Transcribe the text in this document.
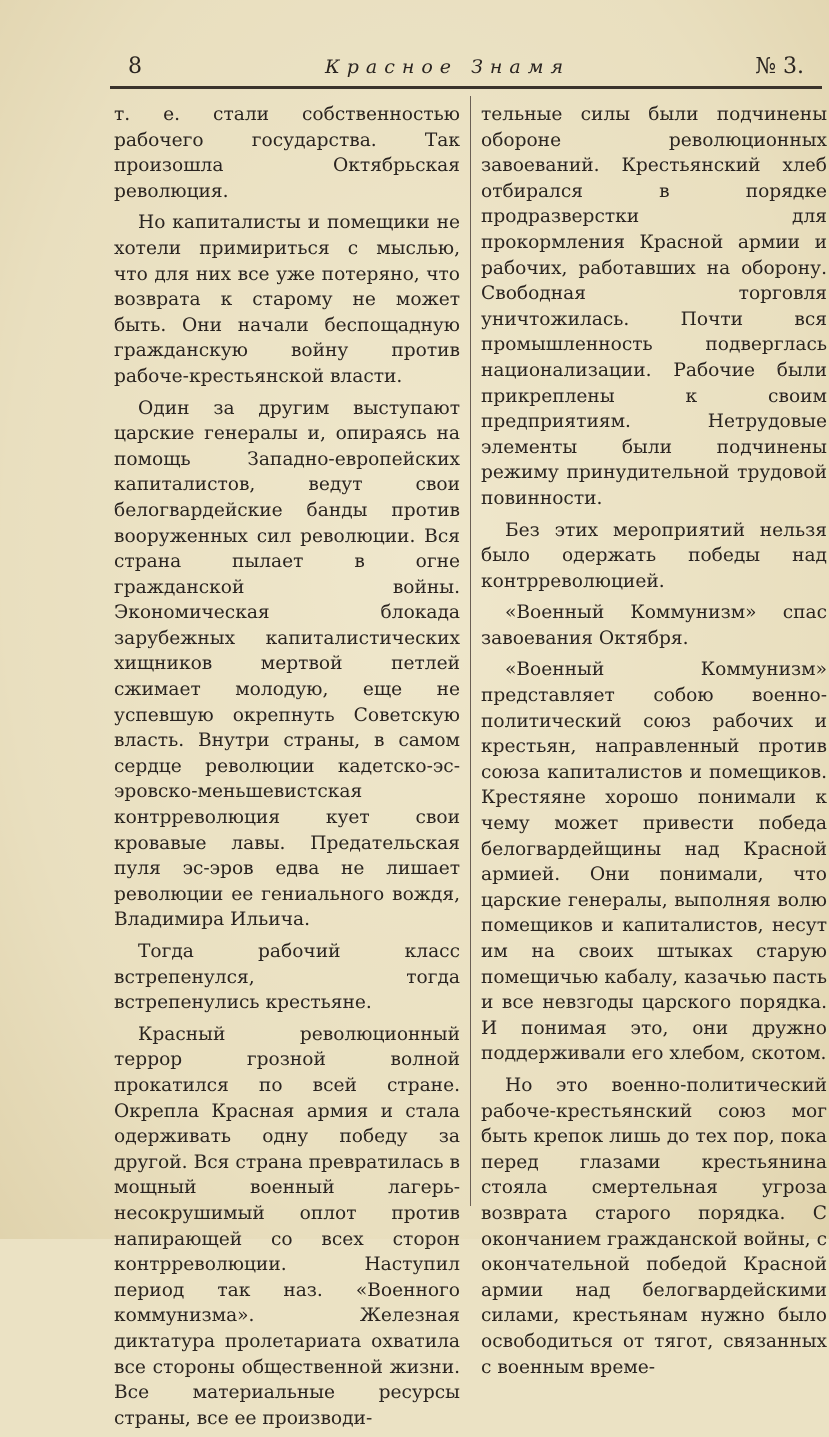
8	Красное Знамя	№ 3.

т. е. стали собственностью рабочего государства. Так произошла Октябрьская революция.

Но капиталисты и помещики не хотели примириться с мыслью, что для них все уже потеряно, что возврата к старому не может быть. Они начали беспощадную гражданскую войну против рабоче-крестьянской власти.

Один за другим выступают царские генералы и, опираясь на помощь Западно-европейских капиталистов, ведут свои белогвардейские банды против вооруженных сил революции. Вся страна пылает в огне гражданской войны. Экономическая блокада зарубежных капиталистических хищников мертвой петлей сжимает молодую, еще не успевшую окрепнуть Советскую власть. Внутри страны, в самом сердце революции кадетско-эс-эровско-меньшевистская контрреволюция кует свои кровавые лавы. Предательская пуля эс-эров едва не лишает революции ее гениального вождя, Владимира Ильича.

Тогда рабочий класс встрепенулся, тогда встрепенулись крестьяне.

Красный революционный террор грозной волной прокатился по всей стране. Окрепла Красная армия и стала одерживать одну победу за другой. Вся страна превратилась в мощный военный лагерь-несокрушимый оплот против напирающей со всех сторон контрреволюции. Наступил период так наз. «Военного коммунизма». Железная диктатура пролетариата охватила все стороны общественной жизни. Все материальные ресурсы страны, все ее производи-

тельные силы были подчинены обороне революционных завоеваний. Крестьянский хлеб отбирался в порядке продразверстки для прокормления Красной армии и рабочих, работавших на оборону. Свободная торговля уничтожилась. Почти вся промышленность подверглась национализации. Рабочие были прикреплены к своим предприятиям. Нетрудовые элементы были подчинены режиму принудительной трудовой повинности.

Без этих мероприятий нельзя было одержать победы над контрреволюцией.

«Военный Коммунизм» спас завоевания Октября.

«Военный Коммунизм» представляет собою военно-политический союз рабочих и крестьян, направленный против союза капиталистов и помещиков. Крестяяне хорошо понимали к чему может привести победа белогвардейщины над Красной армией. Они понимали, что царские генералы, выполняя волю помещиков и капиталистов, несут им на своих штыках старую помещичью кабалу, казачью пасть и все невзгоды царского порядка. И понимая это, они дружно поддерживали его хлебом, скотом.

Но это военно-политический рабоче-крестьянский союз мог быть крепок лишь до тех пор, пока перед глазами крестьянина стояла смертельная угроза возврата старого порядка. С окончанием гражданской войны, с окончательной победой Красной армии над белогвардейскими силами, крестьянам нужно было освободиться от тягот, связанных с военным време-
